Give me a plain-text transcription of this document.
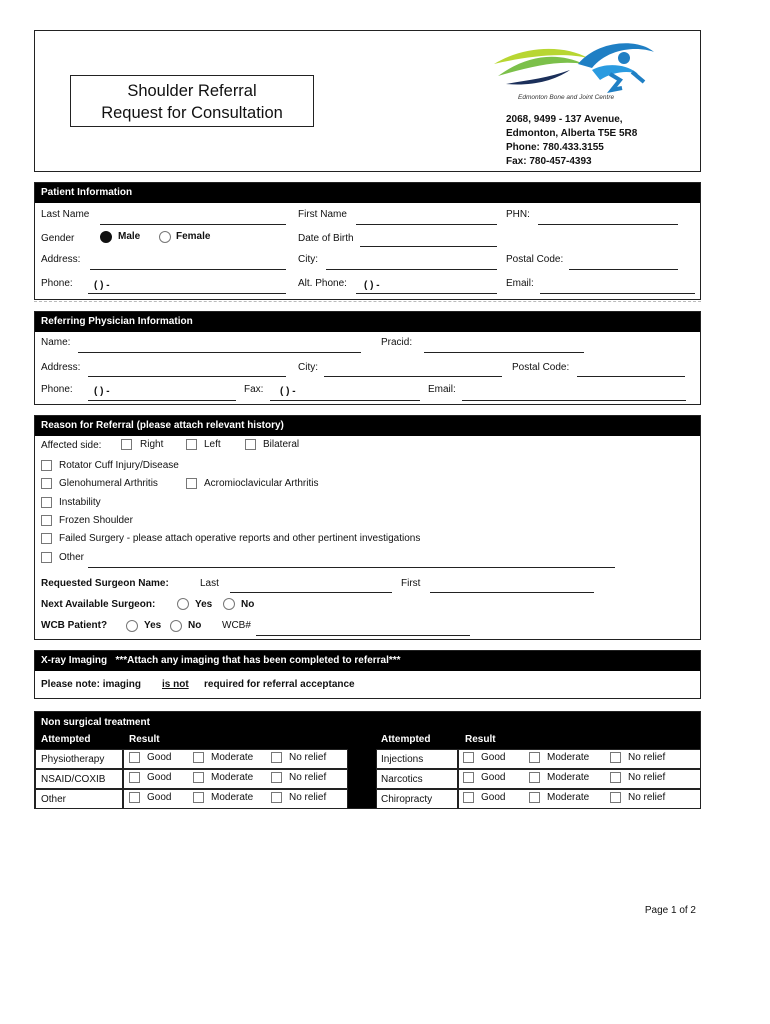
Shoulder Referral
Request for Consultation
Edmonton Bone and Joint Centre
2068, 9499 - 137 Avenue,
Edmonton, Alberta T5E 5R8
Phone: 780.433.3155
Fax: 780-457-4393
Patient Information
Last Name	First Name	PHN:
Gender	Male	Female	Date of Birth
Address:	City:	Postal Code:
Phone: ( ) -	Alt. Phone: ( ) -	Email:
Referring Physician Information
Name:	Pracid:
Address:	City:	Postal Code:
Phone: ( ) -	Fax: ( ) -	Email:
Reason for Referral (please attach relevant history)
Affected side:	Right	Left	Bilateral
Rotator Cuff Injury/Disease
Glenohumeral Arthritis	Acromioclavicular Arthritis
Instability
Frozen Shoulder
Failed Surgery - please attach operative reports and other pertinent investigations
Other
Requested Surgeon Name:	Last	First
Next Available Surgeon:	Yes	No
WCB Patient?	Yes	No WCB#
X-ray Imaging ***Attach any imaging that has been completed to referral***
Please note: imaging is not required for referral acceptance
Non surgical treatment
Attempted	Result	Attempted	Result
Physiotherapy	Good	Moderate	No relief	Injections	Good	Moderate	No relief
NSAID/COXIB	Good	Moderate	No relief	Narcotics	Good	Moderate	No relief
Other	Good	Moderate	No relief	Chiropracty	Good	Moderate	No relief
Page 1 of 2
